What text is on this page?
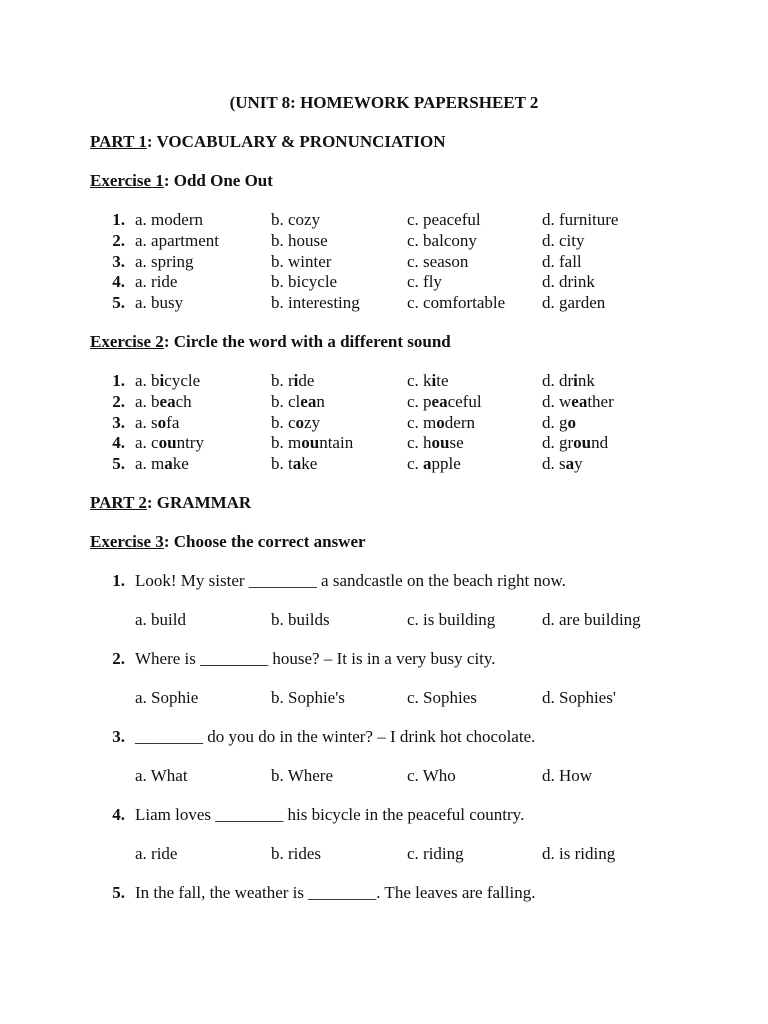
(UNIT 8: HOMEWORK PAPERSHEET 2
PART 1: VOCABULARY & PRONUNCIATION
Exercise 1: Odd One Out
1. a. modern	b. cozy	c. peaceful	d. furniture
2. a. apartment	b. house	c. balcony	d. city
3. a. spring	b. winter	c. season	d. fall
4. a. ride	b. bicycle	c. fly	d. drink
5. a. busy	b. interesting	c. comfortable d. garden
Exercise 2: Circle the word with a different sound
1. a. bicycle	b. ride	c. kite	d. drink
2. a. beach	b. clean	c. peaceful	d. weather
3. a. sofa	b. cozy	c. modern	d. go
4. a. country	b. mountain	c. house	d. ground
5. a. make	b. take	c. apple	d. say
PART 2: GRAMMAR
Exercise 3: Choose the correct answer
1. Look! My sister ________ a sandcastle on the beach right now.
a. build	b. builds	c. is building	d. are building
2. Where is ________ house? – It is in a very busy city.
a. Sophie	b. Sophie's	c. Sophies	d. Sophies'
3. ________ do you do in the winter? – I drink hot chocolate.
a. What	b. Where	c. Who	d. How
4. Liam loves ________ his bicycle in the peaceful country.
a. ride	b. rides	c. riding	d. is riding
5. In the fall, the weather is ________. The leaves are falling.
